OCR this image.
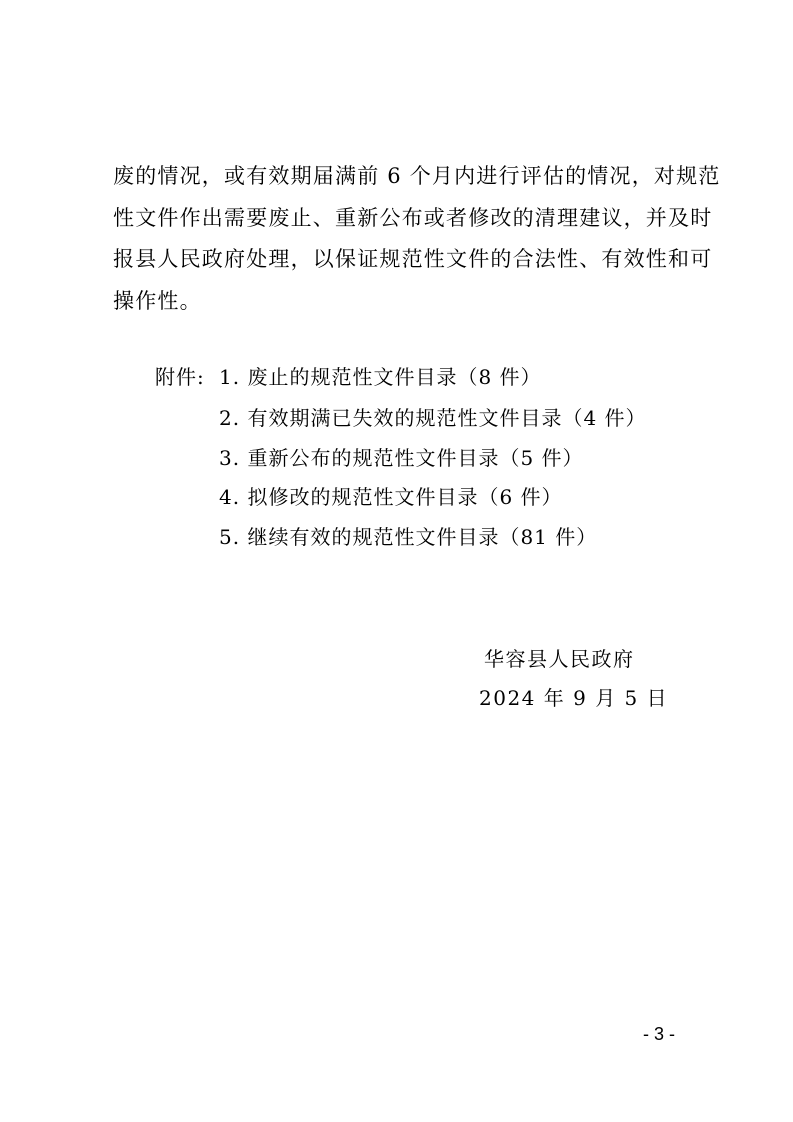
废的情况，或有效期届满前 6 个月内进行评估的情况，对规范
性文件作出需要废止、重新公布或者修改的清理建议，并及时
报县人民政府处理，以保证规范性文件的合法性、有效性和可
操作性。
附件: 1. 废止的规范性文件目录（8 件）
2. 有效期满已失效的规范性文件目录（4 件）
3. 重新公布的规范性文件目录（5 件）
4. 拟修改的规范性文件目录（6 件）
5. 继续有效的规范性文件目录（81 件）
华容县人民政府
2024 年 9 月 5 日
- 3 -
